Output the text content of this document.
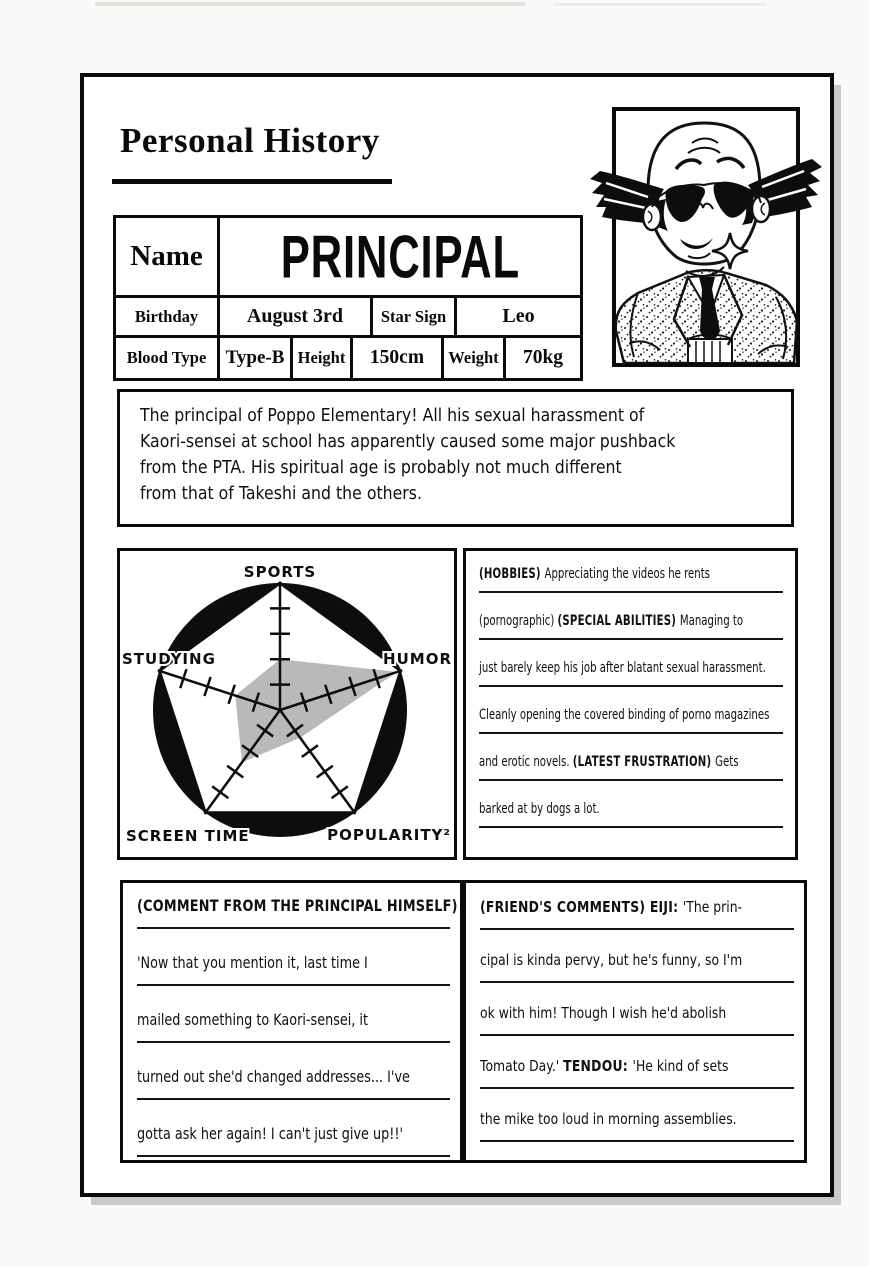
Personal History
Name	PRINCIPAL
Birthday	August 3rd	Star Sign	Leo
Blood Type	Type-B Height	150cm	Weight	70kg
The principal of Poppo Elementary! All his sexual harassment of
Kaori-sensei at school has apparently caused some major pushback
from the PTA. His spiritual age is probably not much different
from that of Takeshi and the others.
SPORTS
HUMOR
POPULARITY²
SCREEN TIME
STUDYING
(HOBBIES) Appreciating the videos he rents
(pornographic) (SPECIAL ABILITIES) Managing to
just barely keep his job after blatant sexual harassment.
Cleanly opening the covered binding of porno magazines
and erotic novels. (LATEST FRUSTRATION) Gets
barked at by dogs a lot.
(COMMENT FROM THE PRINCIPAL HIMSELF)
'Now that you mention it, last time I
mailed something to Kaori-sensei, it
turned out she'd changed addresses... I've
gotta ask her again! I can't just give up!!'
(FRIEND'S COMMENTS) EIJI: 'The prin-
cipal is kinda pervy, but he's funny, so I'm
ok with him! Though I wish he'd abolish
Tomato Day.' TENDOU: 'He kind of sets
the mike too loud in morning assemblies.
